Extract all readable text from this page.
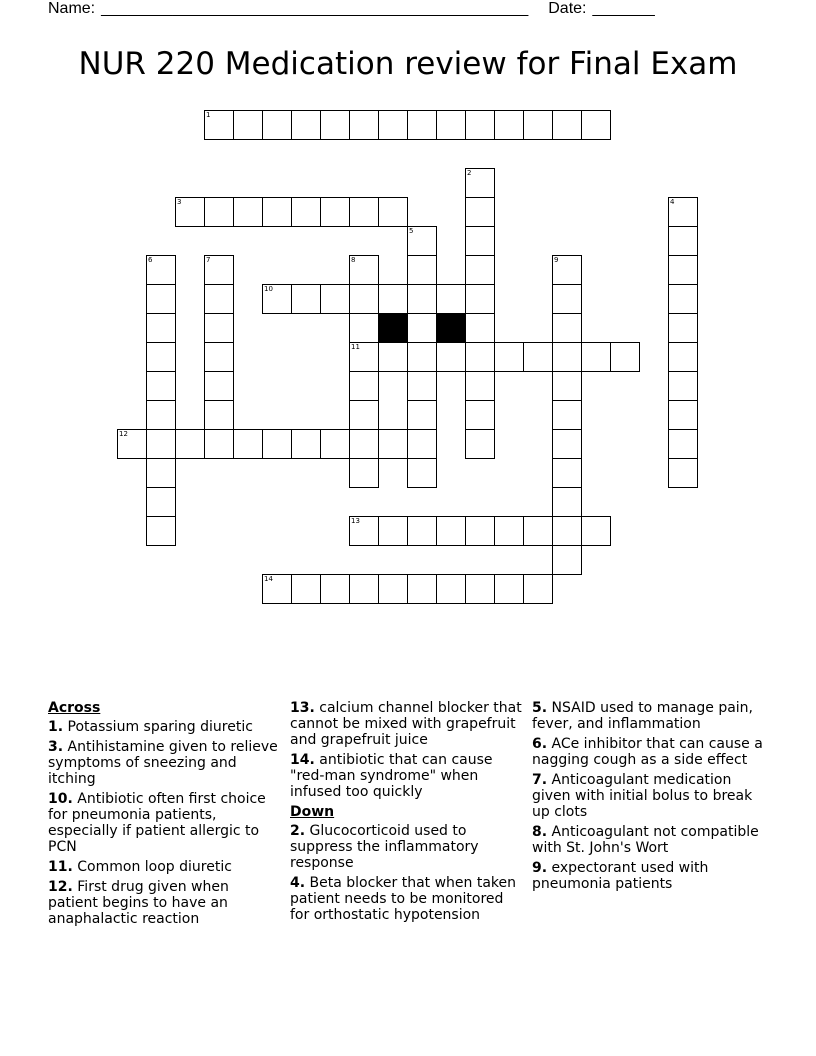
Name: ________________________________________________ Date: _______
NUR 220 Medication review for Final Exam
1
3
10
11
12
13
14
2
4
5
6	7	8	9
Across
1. Potassium sparing diuretic
3. Antihistamine given to relieve symptoms of sneezing and itching
10. Antibiotic often first choice for pneumonia patients, especially if patient allergic to PCN
11. Common loop diuretic
12. First drug given when patient begins to have an anaphalactic reaction
13. calcium channel blocker that cannot be mixed with grapefruit and grapefruit juice
14. antibiotic that can cause "red-man syndrome" when infused too quickly
Down
2. Glucocorticoid used to suppress the inflammatory response
4. Beta blocker that when taken patient needs to be monitored for orthostatic hypotension
5. NSAID used to manage pain, fever, and inflammation
6. ACe inhibitor that can cause a nagging cough as a side effect
7. Anticoagulant medication given with initial bolus to break up clots
8. Anticoagulant not compatible with St. John's Wort
9. expectorant used with pneumonia patients
